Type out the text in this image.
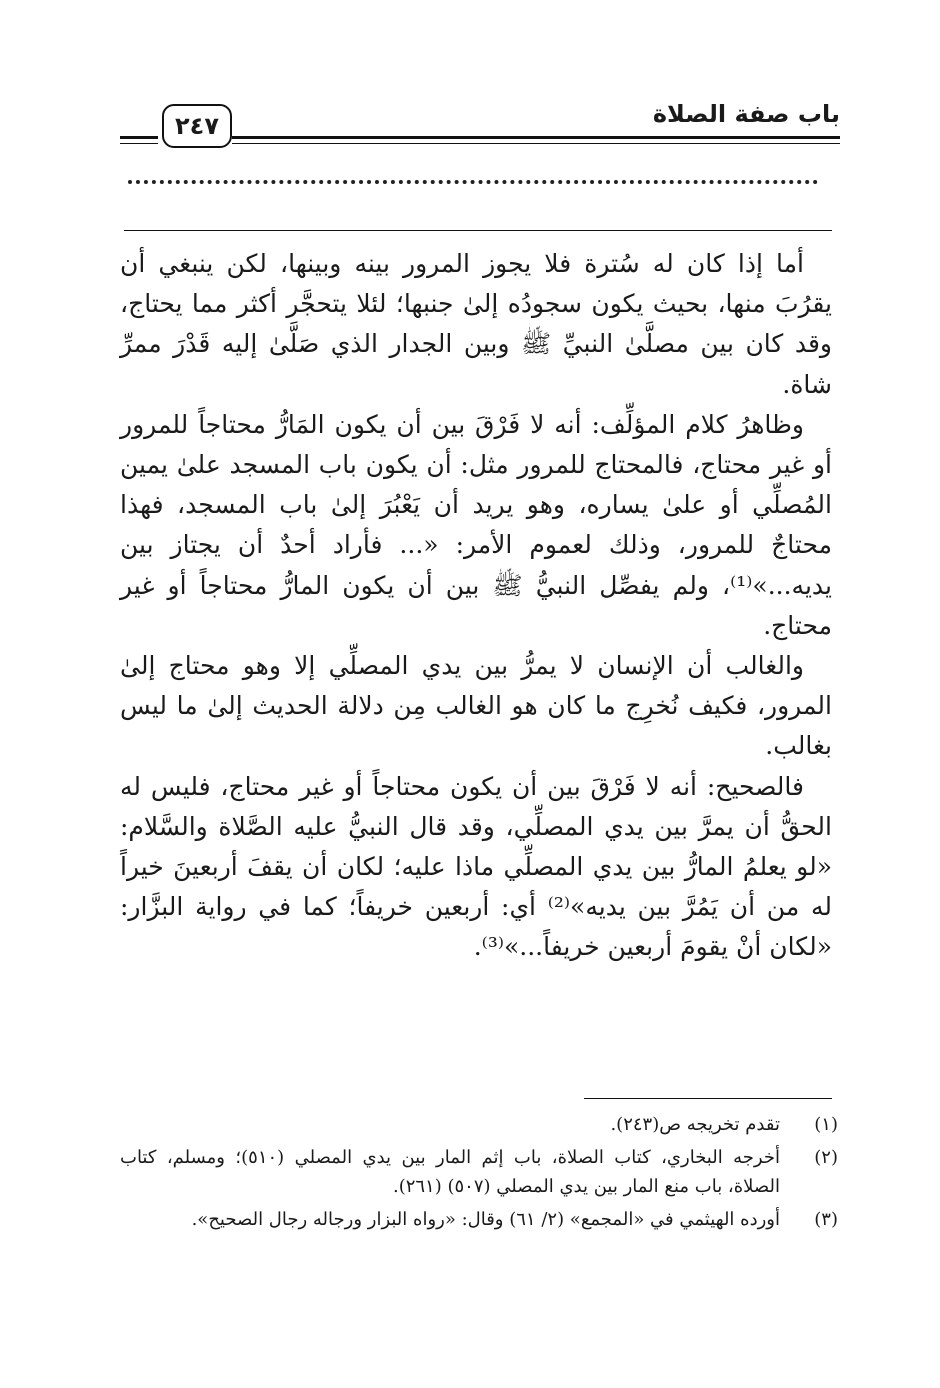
باب صفة الصلاة
٢٤٧

أما إذا كان له سُترة فلا يجوز المرور بينه وبينها، لكن ينبغي أن يقرُبَ منها، بحيث يكون سجودُه إلىٰ جنبها؛ لئلا يتحجَّر أكثر مما يحتاج، وقد كان بين مصلَّىٰ النبيِّ ﷺ وبين الجدار الذي صَلَّىٰ إليه قَدْرَ ممرِّ شاة.

وظاهرُ كلام المؤلِّف: أنه لا فَرْقَ بين أن يكون المَارُّ محتاجاً للمرور أو غير محتاج، فالمحتاج للمرور مثل: أن يكون باب المسجد علىٰ يمين المُصلِّي أو علىٰ يساره، وهو يريد أن يَعْبُرَ إلىٰ باب المسجد، فهذا محتاجٌ للمرور، وذلك لعموم الأمر: «... فأراد أحدٌ أن يجتاز بين يديه...»⁽¹⁾، ولم يفصِّل النبيُّ ﷺ بين أن يكون المارُّ محتاجاً أو غير محتاج.

والغالب أن الإنسان لا يمرُّ بين يدي المصلِّي إلا وهو محتاج إلىٰ المرور، فكيف نُخرِج ما كان هو الغالب مِن دلالة الحديث إلىٰ ما ليس بغالب.

فالصحيح: أنه لا فَرْقَ بين أن يكون محتاجاً أو غير محتاج، فليس له الحقُّ أن يمرَّ بين يدي المصلِّي، وقد قال النبيُّ عليه الصَّلاة والسَّلام: «لو يعلمُ المارُّ بين يدي المصلِّي ماذا عليه؛ لكان أن يقفَ أربعينَ خيراً له من أن يَمُرَّ بين يديه»⁽²⁾ أي: أربعين خريفاً؛ كما في رواية البزَّار: «لكان أنْ يقومَ أربعين خريفاً...»⁽³⁾.

(١)
تقدم تخريجه ص(٢٤٣).
(٢)
أخرجه البخاري، كتاب الصلاة، باب إثم المار بين يدي المصلي (٥١٠)؛ ومسلم، كتاب الصلاة، باب منع المار بين يدي المصلي (٥٠٧) (٢٦١).
(٣)
أورده الهيثمي في «المجمع» (٢/ ٦١) وقال: «رواه البزار ورجاله رجال الصحيح».
